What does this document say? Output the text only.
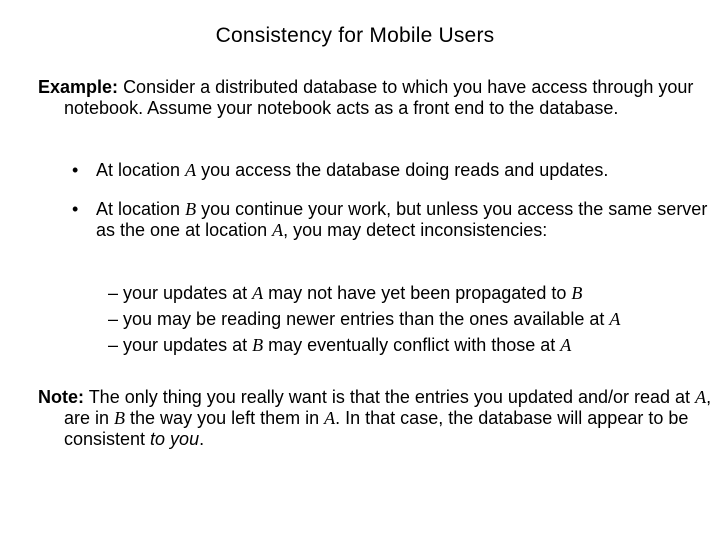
Consistency for Mobile Users
Example: Consider a distributed database to which you have access through your notebook. Assume your notebook acts as a front end to the database.
• At location A you access the database doing reads and updates.
• At location B you continue your work, but unless you access the same server as the one at location A, you may detect inconsistencies:
– your updates at A may not have yet been propagated to B
– you may be reading newer entries than the ones available at A
– your updates at B may eventually conflict with those at A
Note: The only thing you really want is that the entries you updated and/or read at A, are in B the way you left them in A. In that case, the database will appear to be consistent to you.
